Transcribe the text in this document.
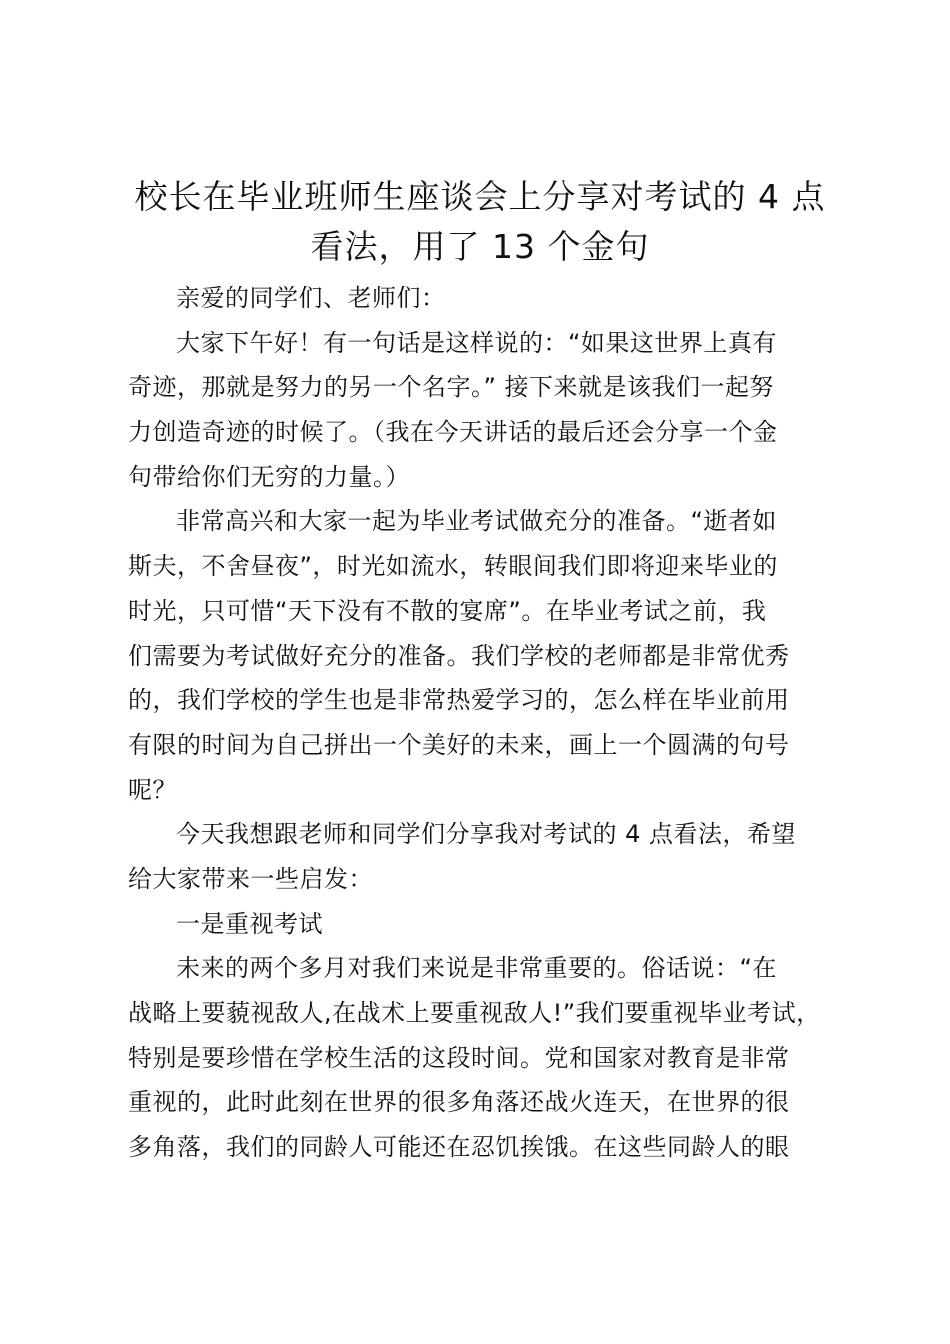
校长在毕业班师生座谈会上分享对考试的 4 点
看法，用了 13 个金句
亲爱的同学们、老师们：
大家下午好！有一句话是这样说的：“如果这世界上真有
奇迹，那就是努力的另一个名字。” 接下来就是该我们一起努
力创造奇迹的时候了。（我在今天讲话的最后还会分享一个金
句带给你们无穷的力量。）
非常高兴和大家一起为毕业考试做充分的准备。“逝者如
斯夫，不舍昼夜”，时光如流水，转眼间我们即将迎来毕业的
时光，只可惜“天下没有不散的宴席”。在毕业考试之前，我
们需要为考试做好充分的准备。我们学校的老师都是非常优秀
的，我们学校的学生也是非常热爱学习的，怎么样在毕业前用
有限的时间为自己拼出一个美好的未来，画上一个圆满的句号
呢？
今天我想跟老师和同学们分享我对考试的 4 点看法，希望
给大家带来一些启发：
一是重视考试
未来的两个多月对我们来说是非常重要的。俗话说：“在
战略上要藐视敌人,在战术上要重视敌人!”我们要重视毕业考试，
特别是要珍惜在学校生活的这段时间。党和国家对教育是非常
重视的，此时此刻在世界的很多角落还战火连天，在世界的很
多角落，我们的同龄人可能还在忍饥挨饿。在这些同龄人的眼
